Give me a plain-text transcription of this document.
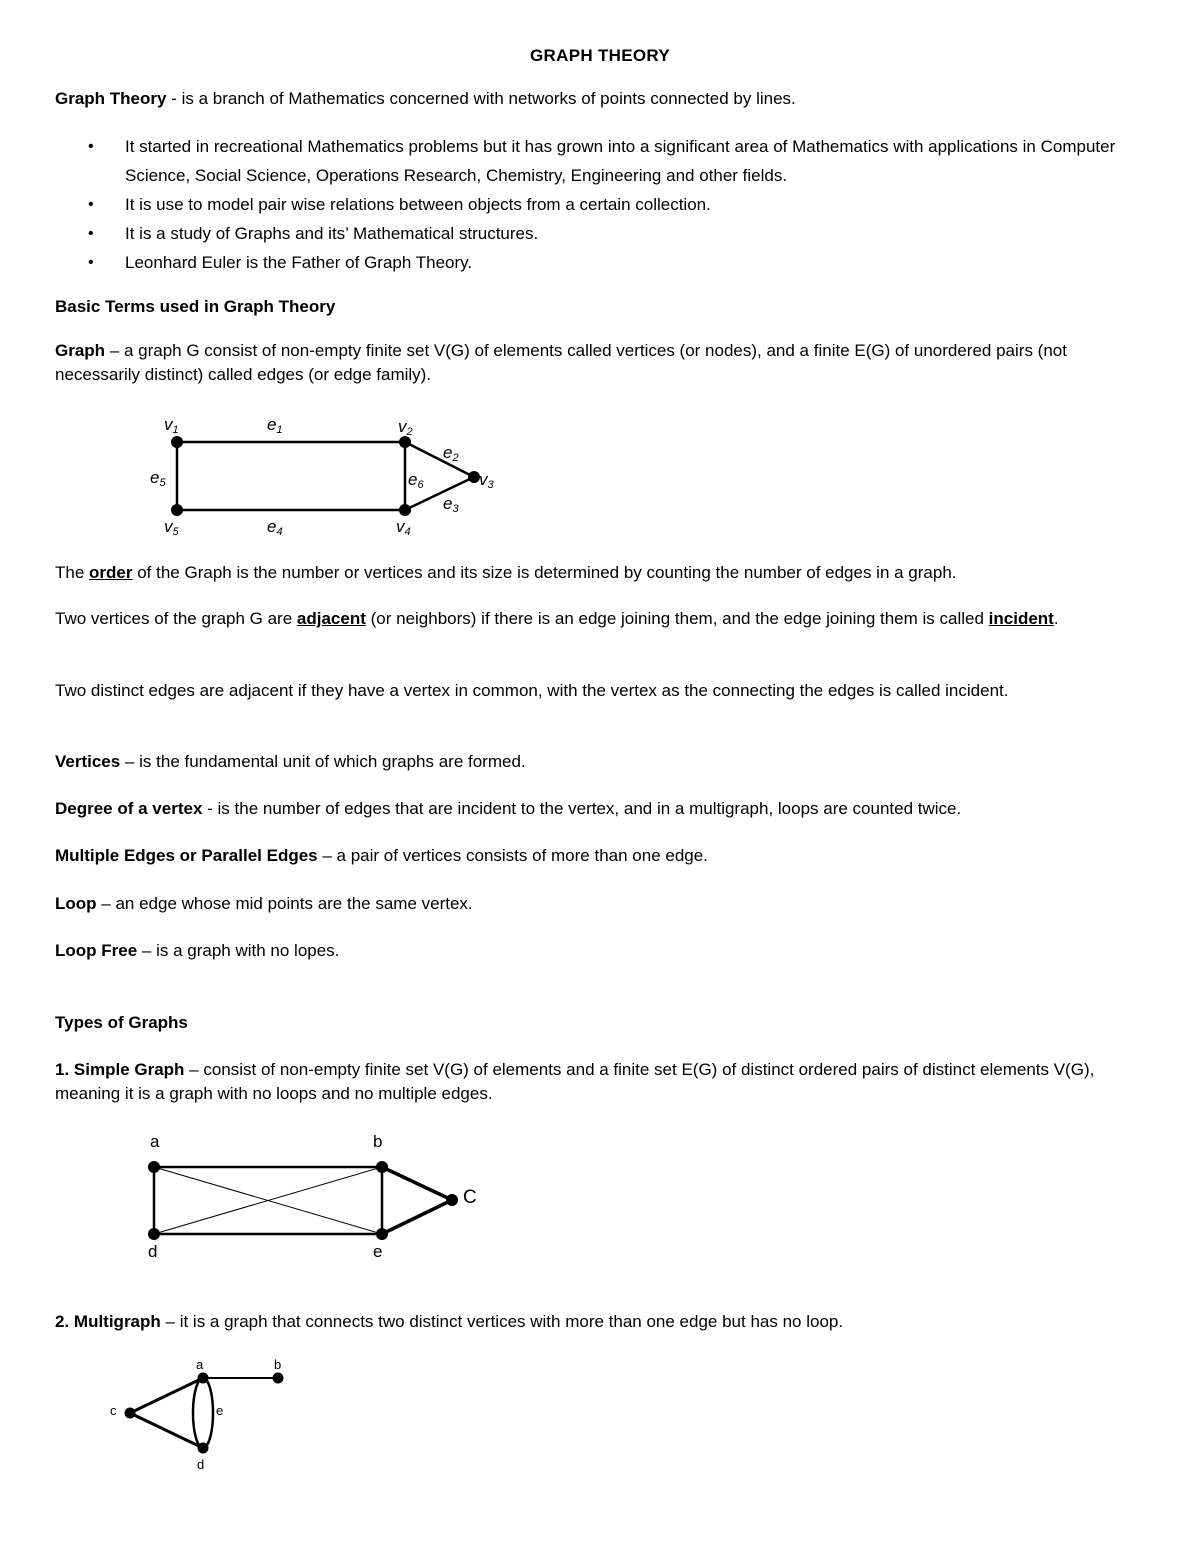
GRAPH THEORY
Graph Theory - is a branch of Mathematics concerned with networks of points connected by lines.
• It started in recreational Mathematics problems but it has grown into a significant area of Mathematics with applications in Computer Science, Social Science, Operations Research, Chemistry, Engineering and other fields.
• It is use to model pair wise relations between objects from a certain collection.
• It is a study of Graphs and its’ Mathematical structures.
• Leonhard Euler is the Father of Graph Theory.
Basic Terms used in Graph Theory
Graph – a graph G consist of non-empty finite set V(G) of elements called vertices (or nodes), and a finite E(G) of unordered pairs (not necessarily distinct) called edges (or edge family).
v1	e1	v2
e2
v3
e5	e6
e3
v5	e4	v4
The order of the Graph is the number or vertices and its size is determined by counting the number of edges in a graph.
Two vertices of the graph G are adjacent (or neighbors) if there is an edge joining them, and the edge joining them is called incident.
Two distinct edges are adjacent if they have a vertex in common, with the vertex as the connecting the edges is called incident.
Vertices – is the fundamental unit of which graphs are formed.
Degree of a vertex - is the number of edges that are incident to the vertex, and in a multigraph, loops are counted twice.
Multiple Edges or Parallel Edges – a pair of vertices consists of more than one edge.
Loop – an edge whose mid points are the same vertex.
Loop Free – is a graph with no lopes.
Types of Graphs
1. Simple Graph – consist of non-empty finite set V(G) of elements and a finite set E(G) of distinct ordered pairs of distinct elements V(G), meaning it is a graph with no loops and no multiple edges.
a	b
C
d	e
2. Multigraph – it is a graph that connects two distinct vertices with more than one edge but has no loop.
a	b
c	e
d
